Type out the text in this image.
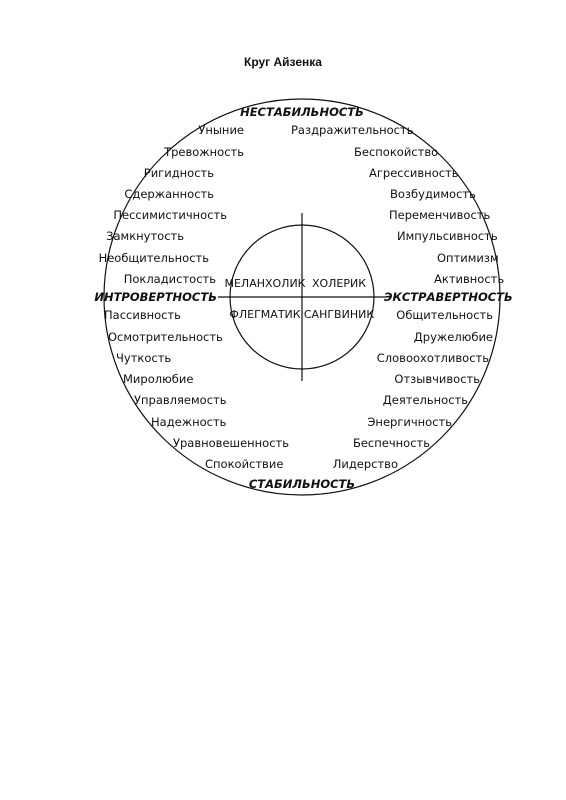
Круг Айзенка
НЕСТАБИЛЬНОСТЬ
СТАБИЛЬНОСТЬ
ИНТРОВЕРТНОСТЬ	ЭКСТРАВЕРТНОСТЬ
МЕЛАНХОЛИК ХОЛЕРИК
ФЛЕГМАТИК САНГВИНИК
Уныние
Тревожность
Ригидность
Сдержанность
Пессимистичность
Замкнутость
Необщительность
Покладистость
Раздражительность
Беспокойство
Агрессивность
Возбудимость
Переменчивость
Импульсивность
Оптимизм
Активность
Пассивность
Осмотрительность
Чуткость
Миролюбие
Управляемость
Надежность
Уравновешенность
Спокойствие
Общительность
Дружелюбие
Словоохотливость
Отзывчивость
Деятельность
Энергичность
Беспечность
Лидерство
